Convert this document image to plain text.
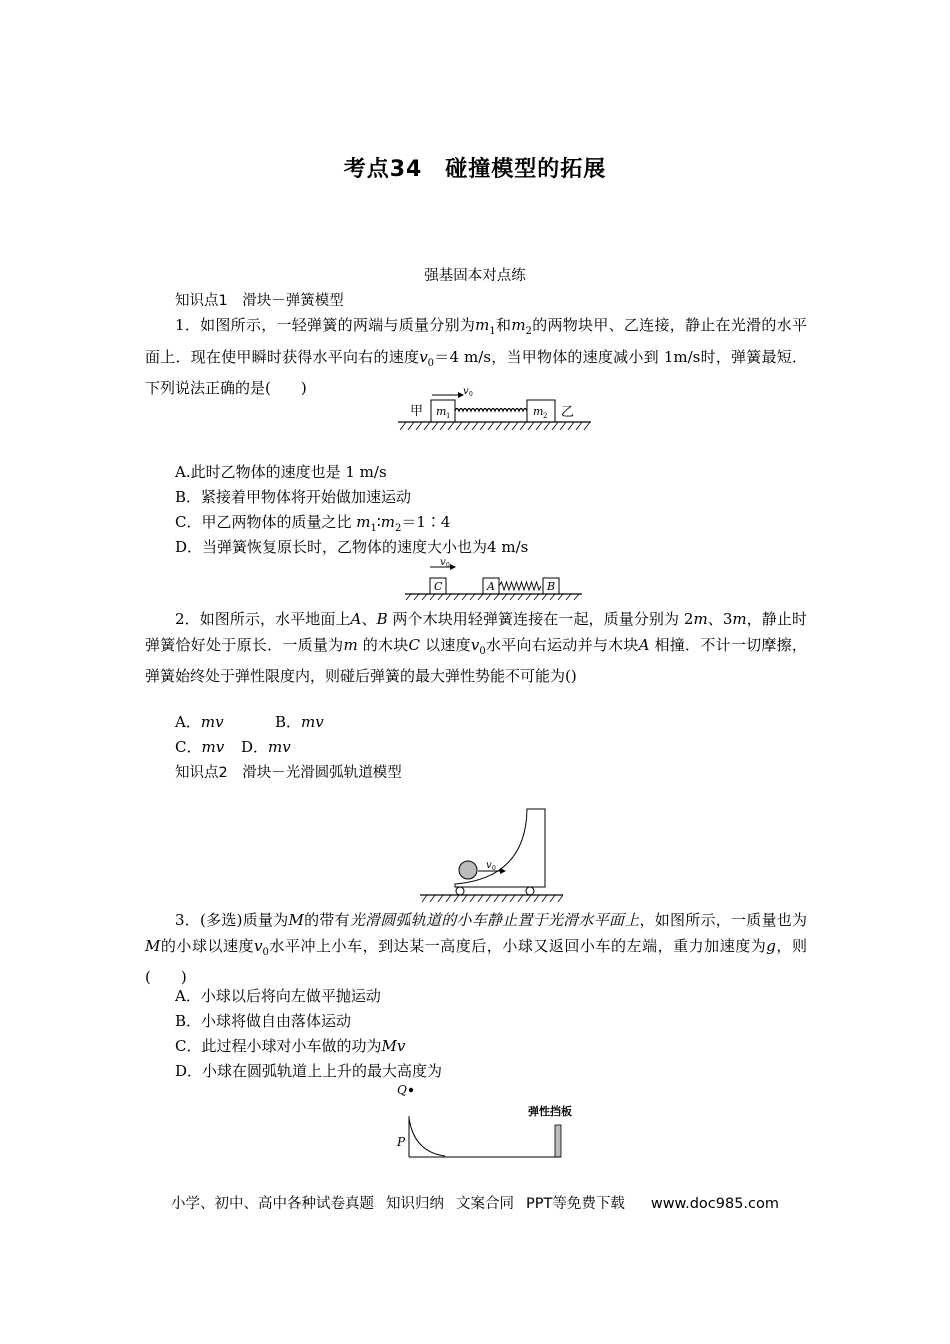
考点34　碰撞模型的拓展
强基固本对点练
知识点1　滑块－弹簧模型

1．如图所示，一轻弹簧的两端与质量分别为$m_1$和$m_2$的两物块甲、乙连接，静止在光滑的水平面上．现在使甲瞬时获得水平向右的速度$v_0=4$ m/s，当甲物体的速度减小到 1m/s时，弹簧最短．下列说法正确的是(　　)

甲 m 1
v 0
m 2 乙
A.此时乙物体的速度也是 1 m/s
B．紧接着甲物体将开始做加速运动
C．甲乙两物体的质量之比 $m_1∶m_2=1∶4$
D．当弹簧恢复原长时，乙物体的速度大小也为4 m/s
v 0
C	A	B

2．如图所示，水平地面上A、B 两个木块用轻弹簧连接在一起，质量分别为 2m、3m，静止时弹簧恰好处于原长．一质量为m 的木块C 以速度$v_0$水平向右运动并与木块A 相撞．不计一切摩擦，弹簧始终处于弹性限度内，则碰后弹簧的最大弹性势能不可能为()

A．mv	B．mv
C．mv D．mv
知识点2　滑块－光滑圆弧轨道模型
v 0

3．(多选)质量为M的带有光滑圆弧轨道的小车静止置于光滑水平面上，如图所示，一质量也为M的小球以速度$v_0$水平冲上小车，到达某一高度后，小球又返回小车的左端，重力加速度为g，则(　　)

A．小球以后将向左做平抛运动
B．小球将做自由落体运动
C．此过程小球对小车做的功为Mv
D．小球在圆弧轨道上上升的最大高度为
Q
弹性挡板
P
小学、初中、高中各种试卷真题 知识归纳 文案合同 PPT等免费下载 www.doc985.com
